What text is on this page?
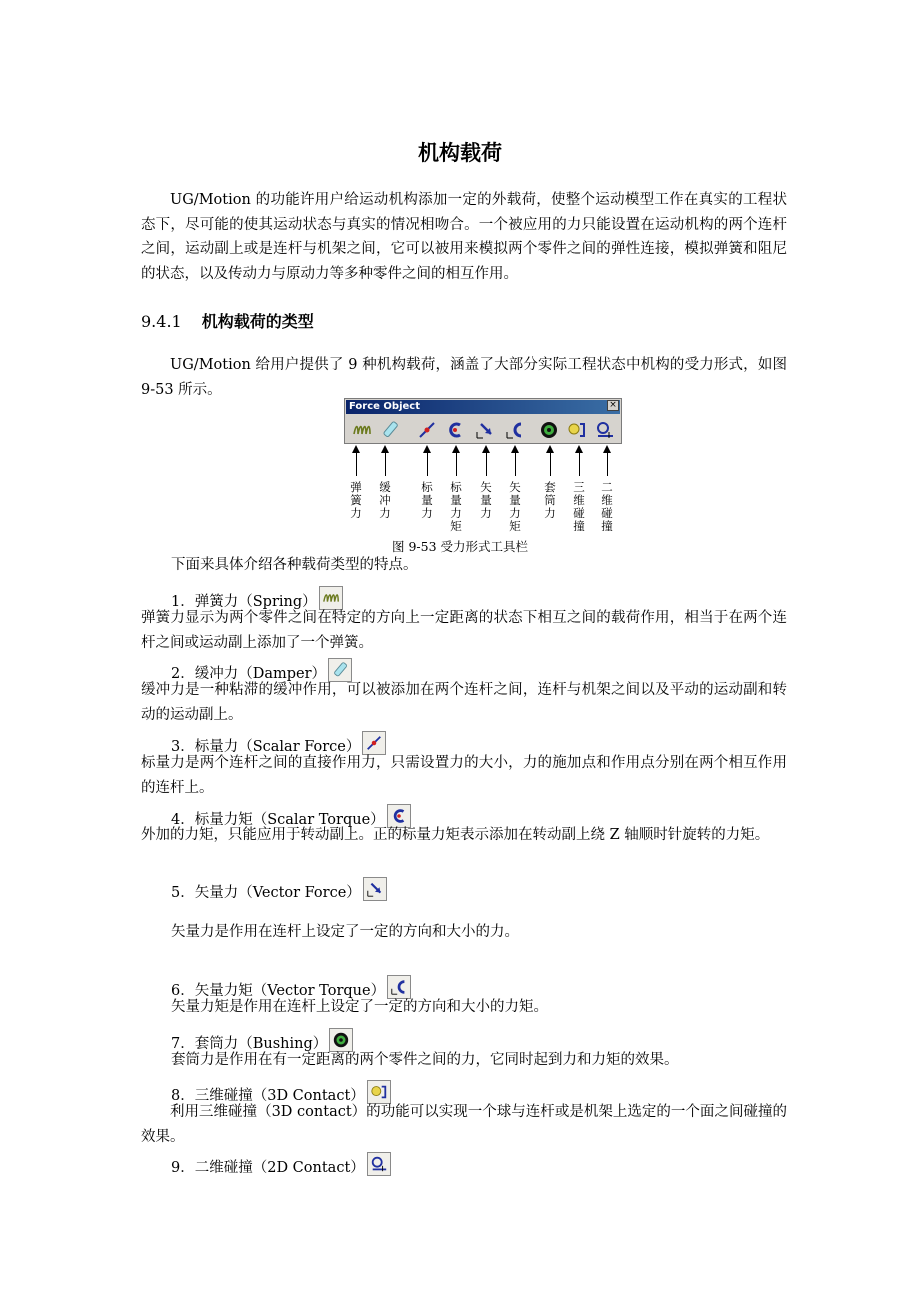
机构载荷
UG/Motion 的功能许用户给运动机构添加一定的外载荷，使整个运动模型工作在真实的工程状态下，尽可能的使其运动状态与真实的情况相吻合。一个被应用的力只能设置在运动机构的两个连杆之间，运动副上或是连杆与机架之间，它可以被用来模拟两个零件之间的弹性连接，模拟弹簧和阻尼的状态，以及传动力与原动力等多种零件之间的相互作用。
9.4.1 机构载荷的类型
UG/Motion 给用户提供了 9 种机构载荷，涵盖了大部分实际工程状态中机构的受力形式，如图 9-53 所示。
Force Object	×
弹簧力
缓冲力
标量力
标量力矩
矢量力
矢量力矩
套筒力
三维碰撞
二维碰撞
图 9-53 受力形式工具栏
下面来具体介绍各种载荷类型的特点。
1．弹簧力（Spring）
弹簧力显示为两个零件之间在特定的方向上一定距离的状态下相互之间的载荷作用，相当于在两个连杆之间或运动副上添加了一个弹簧。
2．缓冲力（Damper）
缓冲力是一种粘滞的缓冲作用，可以被添加在两个连杆之间，连杆与机架之间以及平动的运动副和转动的运动副上。
3．标量力（Scalar Force）
标量力是两个连杆之间的直接作用力，只需设置力的大小，力的施加点和作用点分别在两个相互作用的连杆上。
4．标量力矩（Scalar Torque）
外加的力矩，只能应用于转动副上。正的标量力矩表示添加在转动副上绕 Z 轴顺时针旋转的力矩。
5．矢量力（Vector Force）
矢量力是作用在连杆上设定了一定的方向和大小的力。
6．矢量力矩（Vector Torque）
矢量力矩是作用在连杆上设定了一定的方向和大小的力矩。
7．套筒力（Bushing）
套筒力是作用在有一定距离的两个零件之间的力，它同时起到力和力矩的效果。
8．三维碰撞（3D Contact）
利用三维碰撞（3D contact）的功能可以实现一个球与连杆或是机架上选定的一个面之间碰撞的效果。
9．二维碰撞（2D Contact）
